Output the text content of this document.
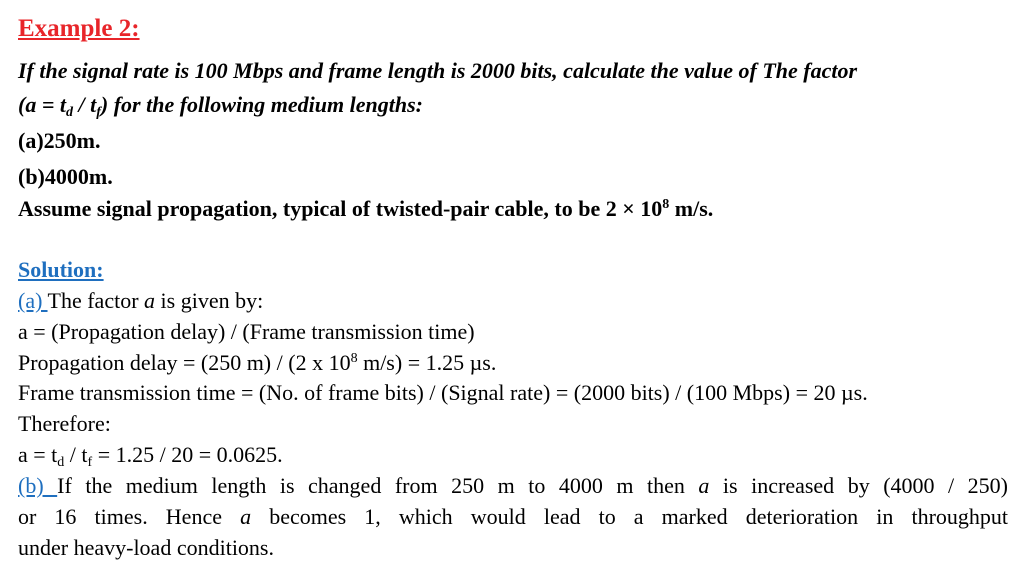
Example 2:
If the signal rate is 100 Mbps and frame length is 2000 bits, calculate the value of The factor
$(a = t_d / t_f)$ for the following medium lengths:
(a)250m.
(b)4000m.
Assume signal propagation, typical of twisted-pair cable, to be $2 \times 10^8$ m/s.
Solution:
(a) The factor a is given by:
a = (Propagation delay) / (Frame transmission time)
Propagation delay = (250 m) / (2 x $10^8$ m/s) = 1.25 µs.
Frame transmission time = (No. of frame bits) / (Signal rate) = (2000 bits) / (100 Mbps) = 20 µs.
Therefore:
$a = t_d / t_f = 1.25 / 20 = 0.0625$.
(b) If the medium length is changed from 250 m to 4000 m then a is increased by (4000 / 250)
or 16 times. Hence a becomes 1, which would lead to a marked deterioration in throughput
under heavy-load conditions.
